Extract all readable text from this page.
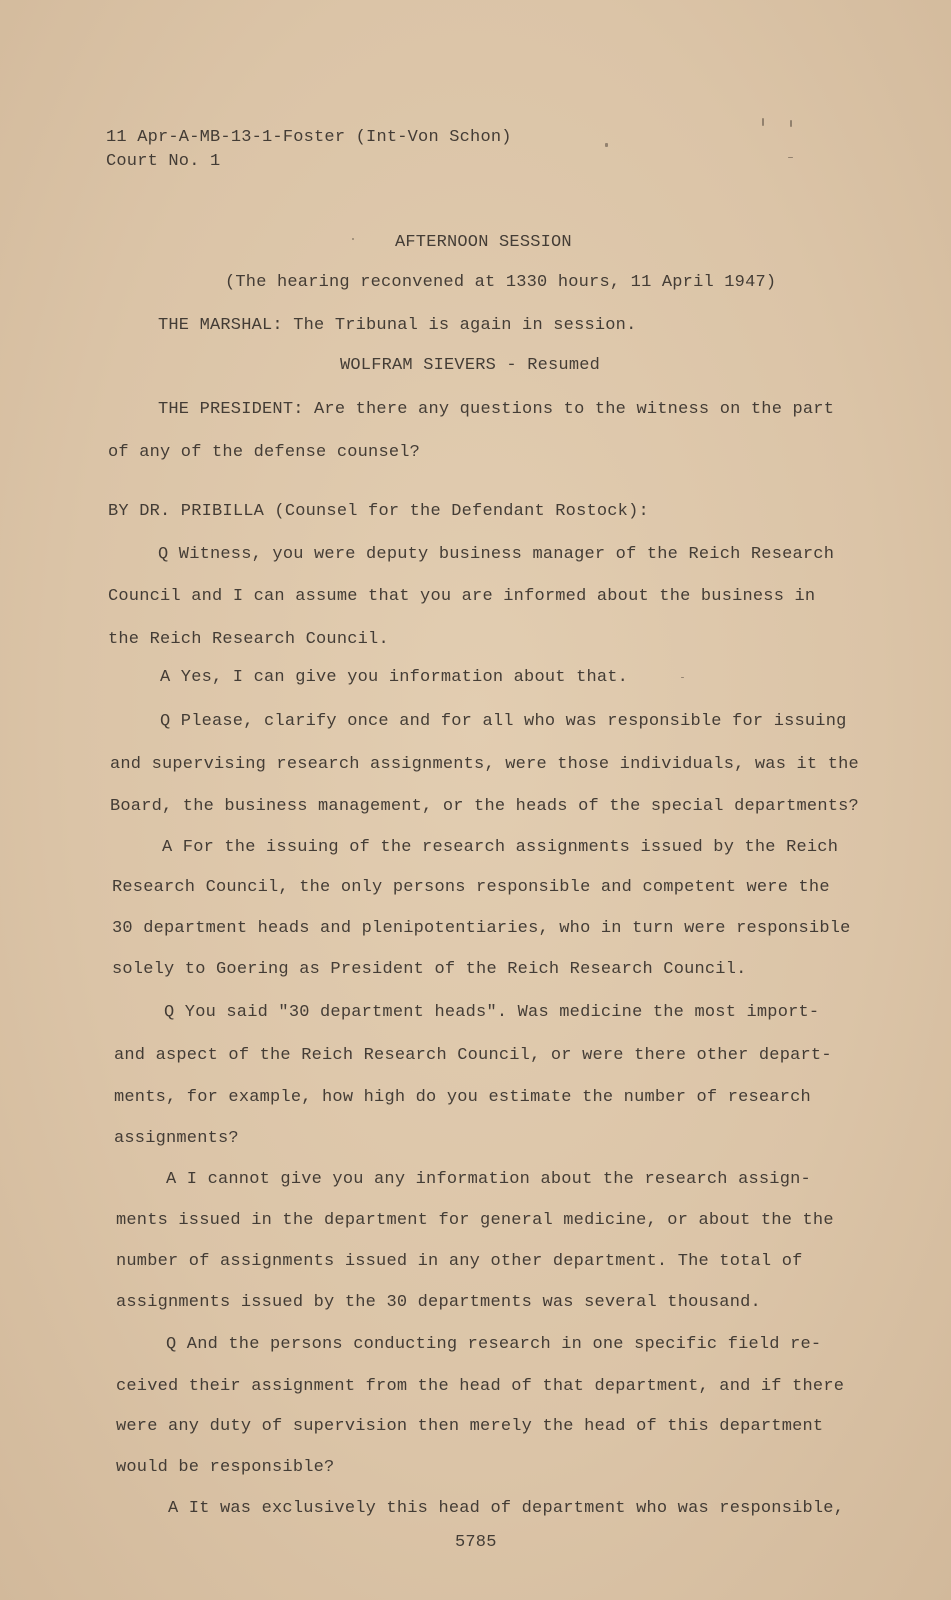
11 Apr-A-MB-13-1-Foster (Int-Von Schon)
Court No. 1
AFTERNOON SESSION
(The hearing reconvened at 1330 hours, 11 April 1947)
THE MARSHAL: The Tribunal is again in session.
WOLFRAM SIEVERS - Resumed
THE PRESIDENT: Are there any questions to the witness on the part
of any of the defense counsel?
BY DR. PRIBILLA (Counsel for the Defendant Rostock):
Q Witness, you were deputy business manager of the Reich Research
Council and I can assume that you are informed about the business in
the Reich Research Council.
A Yes, I can give you information about that.
Q Please, clarify once and for all who was responsible for issuing
and supervising research assignments, were those individuals, was it the
Board, the business management, or the heads of the special departments?
A For the issuing of the research assignments issued by the Reich
Research Council, the only persons responsible and competent were the
30 department heads and plenipotentiaries, who in turn were responsible
solely to Goering as President of the Reich Research Council.
Q You said "30 department heads". Was medicine the most import-
and aspect of the Reich Research Council, or were there other depart-
ments, for example, how high do you estimate the number of research
assignments?
A I cannot give you any information about the research assign-
ments issued in the department for general medicine, or about the the
number of assignments issued in any other department. The total of
assignments issued by the 30 departments was several thousand.
Q And the persons conducting research in one specific field re-
ceived their assignment from the head of that department, and if there
were any duty of supervision then merely the head of this department
would be responsible?
A It was exclusively this head of department who was responsible,
5785
